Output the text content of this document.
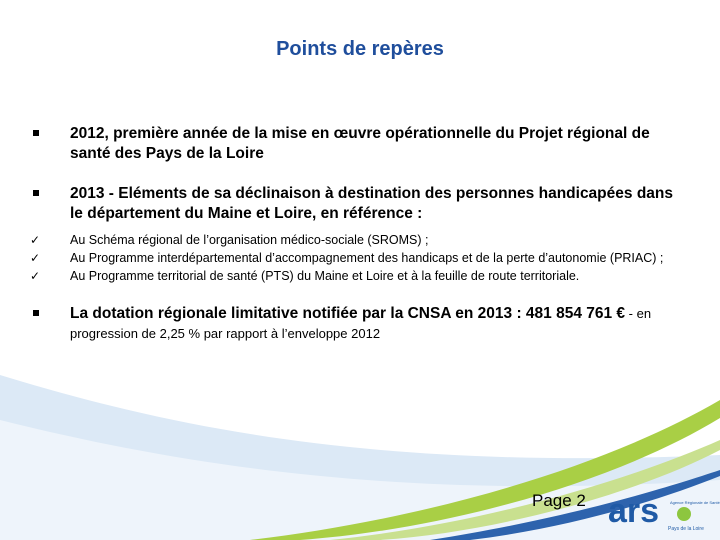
Points de repères
2012, première année de la mise en œuvre opérationnelle du Projet régional de santé des Pays de la Loire
2013 - Eléments de sa déclinaison à destination des personnes handicapées dans le département du Maine et Loire, en référence :
✓	Au Schéma régional de l’organisation médico-sociale (SROMS) ;
✓	Au Programme interdépartemental d’accompagnement des handicaps et de la perte d’autonomie (PRIAC) ;
✓	Au Programme territorial de santé (PTS) du Maine et Loire et à la feuille de route territoriale.
La dotation régionale limitative notifiée par la CNSA en 2013 : 481 854 761 € - en progression de 2,25 % par rapport à l’enveloppe 2012
Page 2 ars	Agence Régionale de Santé
Pays de la Loire
